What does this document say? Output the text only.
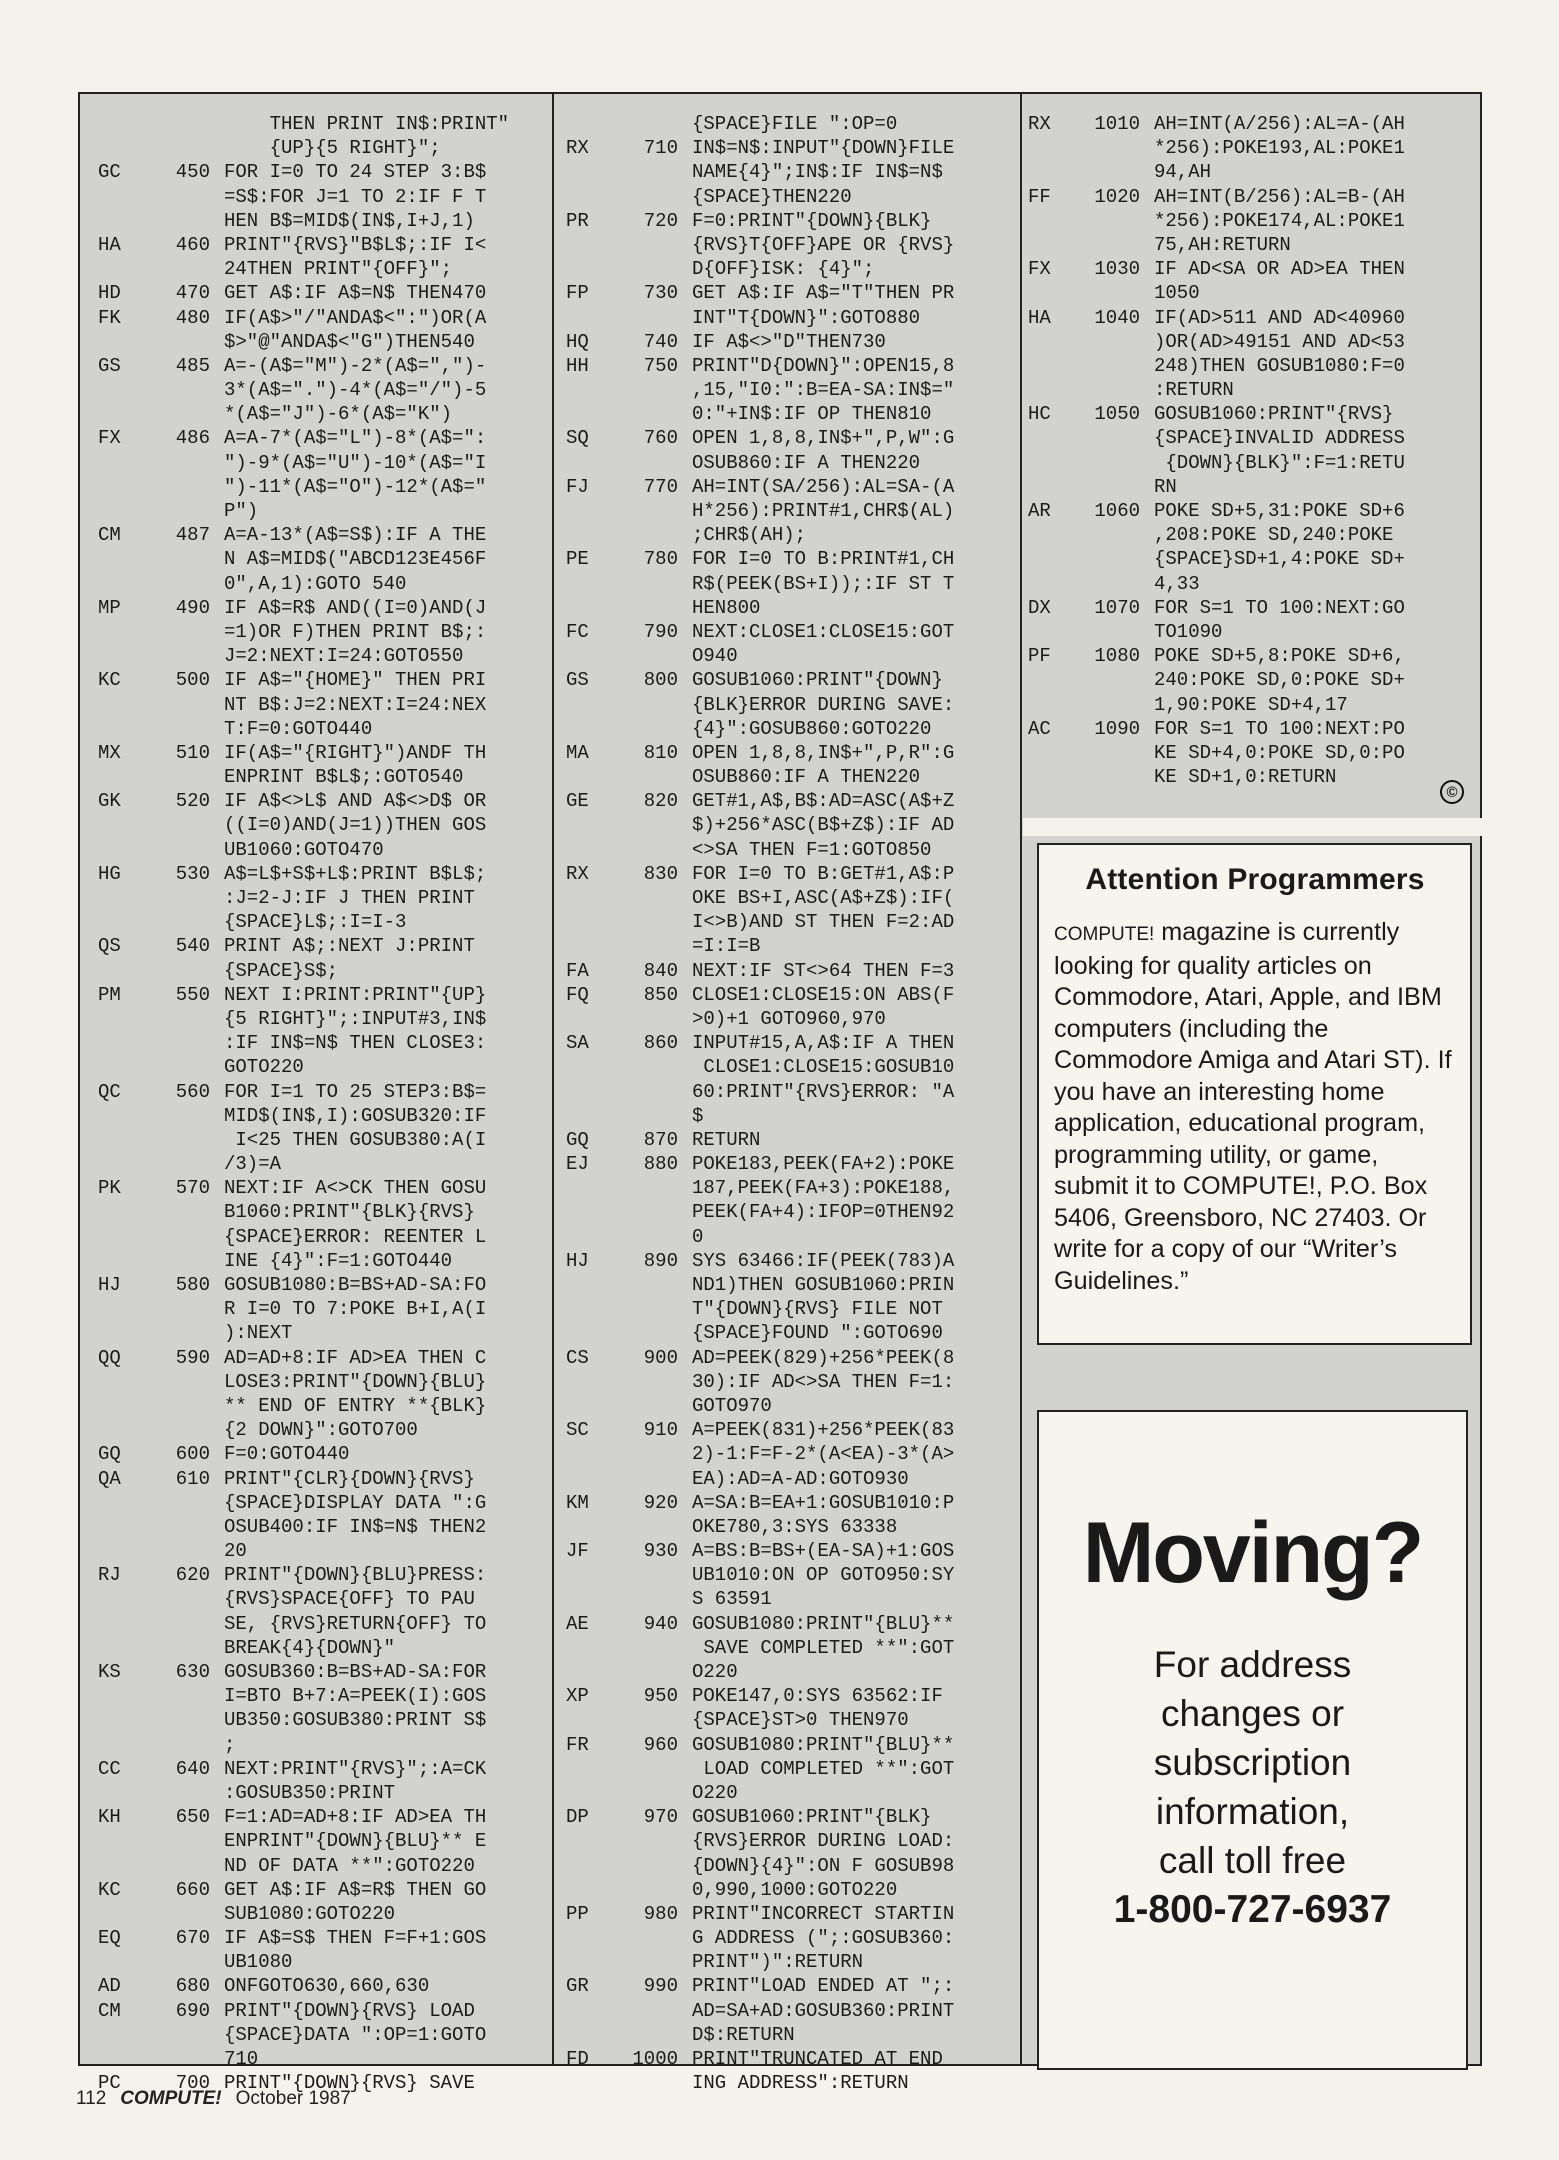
THEN PRINT IN$:PRINT"
{UP}{5 RIGHT}";
GC	450 FOR I=0 TO 24 STEP 3:B$
=S$:FOR J=1 TO 2:IF F T
HEN B$=MID$(IN$,I+J,1)
HA	460 PRINT"{RVS}"B$L$;:IF I<
24THEN PRINT"{OFF}";
HD	470 GET A$:IF A$=N$ THEN470
FK	480 IF(A$>"/"ANDA$<":")OR(A
$>"@"ANDA$<"G")THEN540
GS	485 A=-(A$="M")-2*(A$=",")-
3*(A$=".")-4*(A$="/")-5
*(A$="J")-6*(A$="K")
FX	486 A=A-7*(A$="L")-8*(A$=":
")-9*(A$="U")-10*(A$="I
")-11*(A$="O")-12*(A$="
P")
CM	487 A=A-13*(A$=S$):IF A THE
N A$=MID$("ABCD123E456F
0",A,1):GOTO 540
MP	490 IF A$=R$ AND((I=0)AND(J
=1)OR F)THEN PRINT B$;:
J=2:NEXT:I=24:GOTO550
KC	500 IF A$="{HOME}" THEN PRI
NT B$:J=2:NEXT:I=24:NEX
T:F=0:GOTO440
MX	510 IF(A$="{RIGHT}")ANDF TH
ENPRINT B$L$;:GOTO540
GK	520 IF A$<>L$ AND A$<>D$ OR
((I=0)AND(J=1))THEN GOS
UB1060:GOTO470
HG	530 A$=L$+S$+L$:PRINT B$L$;
:J=2-J:IF J THEN PRINT
{SPACE}L$;:I=I-3
QS	540 PRINT A$;:NEXT J:PRINT
{SPACE}S$;
PM	550 NEXT I:PRINT:PRINT"{UP}
{5 RIGHT}";:INPUT#3,IN$
:IF IN$=N$ THEN CLOSE3:
GOTO220
QC	560 FOR I=1 TO 25 STEP3:B$=
MID$(IN$,I):GOSUB320:IF
I<25 THEN GOSUB380:A(I
/3)=A
PK	570 NEXT:IF A<>CK THEN GOSU
B1060:PRINT"{BLK}{RVS}
{SPACE}ERROR: REENTER L
INE {4}":F=1:GOTO440
HJ	580 GOSUB1080:B=BS+AD-SA:FO
R I=0 TO 7:POKE B+I,A(I
):NEXT
QQ	590 AD=AD+8:IF AD>EA THEN C
LOSE3:PRINT"{DOWN}{BLU}
** END OF ENTRY **{BLK}
{2 DOWN}":GOTO700
GQ	600 F=0:GOTO440
QA	610 PRINT"{CLR}{DOWN}{RVS}
{SPACE}DISPLAY DATA ":G
OSUB400:IF IN$=N$ THEN2
20
RJ	620 PRINT"{DOWN}{BLU}PRESS:
{RVS}SPACE{OFF} TO PAU
SE, {RVS}RETURN{OFF} TO
BREAK{4}{DOWN}"
KS	630 GOSUB360:B=BS+AD-SA:FOR
I=BTO B+7:A=PEEK(I):GOS
UB350:GOSUB380:PRINT S$
;
CC	640 NEXT:PRINT"{RVS}";:A=CK
:GOSUB350:PRINT
KH	650 F=1:AD=AD+8:IF AD>EA TH
ENPRINT"{DOWN}{BLU}** E
ND OF DATA **":GOTO220
KC	660 GET A$:IF A$=R$ THEN GO
SUB1080:GOTO220
EQ	670 IF A$=S$ THEN F=F+1:GOS
UB1080
AD	680 ONFGOTO630,660,630
CM	690 PRINT"{DOWN}{RVS} LOAD
{SPACE}DATA ":OP=1:GOTO
710
PC	700 PRINT"{DOWN}{RVS} SAVE
{SPACE}FILE ":OP=0
RX	710 IN$=N$:INPUT"{DOWN}FILE
NAME{4}";IN$:IF IN$=N$
{SPACE}THEN220
PR	720 F=0:PRINT"{DOWN}{BLK}
{RVS}T{OFF}APE OR {RVS}
D{OFF}ISK: {4}";
FP	730 GET A$:IF A$="T"THEN PR
INT"T{DOWN}":GOTO880
HQ	740 IF A$<>"D"THEN730
HH	750 PRINT"D{DOWN}":OPEN15,8
,15,"I0:":B=EA-SA:IN$="
0:"+IN$:IF OP THEN810
SQ	760 OPEN 1,8,8,IN$+",P,W":G
OSUB860:IF A THEN220
FJ	770 AH=INT(SA/256):AL=SA-(A
H*256):PRINT#1,CHR$(AL)
;CHR$(AH);
PE	780 FOR I=0 TO B:PRINT#1,CH
R$(PEEK(BS+I));:IF ST T
HEN800
FC	790 NEXT:CLOSE1:CLOSE15:GOT
O940
GS	800 GOSUB1060:PRINT"{DOWN}
{BLK}ERROR DURING SAVE:
{4}":GOSUB860:GOTO220
MA	810 OPEN 1,8,8,IN$+",P,R":G
OSUB860:IF A THEN220
GE	820 GET#1,A$,B$:AD=ASC(A$+Z
$)+256*ASC(B$+Z$):IF AD
<>SA THEN F=1:GOTO850
RX	830 FOR I=0 TO B:GET#1,A$:P
OKE BS+I,ASC(A$+Z$):IF(
I<>B)AND ST THEN F=2:AD
=I:I=B
FA	840 NEXT:IF ST<>64 THEN F=3
FQ	850 CLOSE1:CLOSE15:ON ABS(F
>0)+1 GOTO960,970
SA	860 INPUT#15,A,A$:IF A THEN
CLOSE1:CLOSE15:GOSUB10
60:PRINT"{RVS}ERROR: "A
$
GQ	870 RETURN
EJ	880 POKE183,PEEK(FA+2):POKE
187,PEEK(FA+3):POKE188,
PEEK(FA+4):IFOP=0THEN92
0
HJ	890 SYS 63466:IF(PEEK(783)A
ND1)THEN GOSUB1060:PRIN
T"{DOWN}{RVS} FILE NOT
{SPACE}FOUND ":GOTO690
CS	900 AD=PEEK(829)+256*PEEK(8
30):IF AD<>SA THEN F=1:
GOTO970
SC	910 A=PEEK(831)+256*PEEK(83
2)-1:F=F-2*(A<EA)-3*(A>
EA):AD=A-AD:GOTO930
KM	920 A=SA:B=EA+1:GOSUB1010:P
OKE780,3:SYS 63338
JF	930 A=BS:B=BS+(EA-SA)+1:GOS
UB1010:ON OP GOTO950:SY
S 63591
AE	940 GOSUB1080:PRINT"{BLU}**
SAVE COMPLETED **":GOT
O220
XP	950 POKE147,0:SYS 63562:IF
{SPACE}ST>0 THEN970
FR	960 GOSUB1080:PRINT"{BLU}**
LOAD COMPLETED **":GOT
O220
DP	970 GOSUB1060:PRINT"{BLK}
{RVS}ERROR DURING LOAD:
{DOWN}{4}":ON F GOSUB98
0,990,1000:GOTO220
PP	980 PRINT"INCORRECT STARTIN
G ADDRESS (";:GOSUB360:
PRINT")":RETURN
GR	990 PRINT"LOAD ENDED AT ";:
AD=SA+AD:GOSUB360:PRINT
D$:RETURN
FD	1000 PRINT"TRUNCATED AT END
ING ADDRESS":RETURN
RX	1010 AH=INT(A/256):AL=A-(AH
*256):POKE193,AL:POKE1
94,AH
FF	1020 AH=INT(B/256):AL=B-(AH
*256):POKE174,AL:POKE1
75,AH:RETURN
FX	1030 IF AD<SA OR AD>EA THEN
1050
HA	1040 IF(AD>511 AND AD<40960
)OR(AD>49151 AND AD<53
248)THEN GOSUB1080:F=0
:RETURN
HC	1050 GOSUB1060:PRINT"{RVS}
{SPACE}INVALID ADDRESS
{DOWN}{BLK}":F=1:RETU
RN
AR	1060 POKE SD+5,31:POKE SD+6
,208:POKE SD,240:POKE
{SPACE}SD+1,4:POKE SD+
4,33
DX	1070 FOR S=1 TO 100:NEXT:GO
TO1090
PF	1080 POKE SD+5,8:POKE SD+6,
240:POKE SD,0:POKE SD+
1,90:POKE SD+4,17
AC	1090 FOR S=1 TO 100:NEXT:PO
KE SD+4,0:POKE SD,0:PO
KE SD+1,0:RETURN
©
Attention Programmers
COMPUTE! magazine is currently looking for quality articles on Commodore, Atari, Apple, and IBM computers (including the Commodore Amiga and Atari ST). If you have an interesting home application, educational program, programming utility, or game, submit it to COMPUTE!, P.O. Box 5406, Greensboro, NC 27403. Or write for a copy of our “Writer’s Guidelines.”
Moving?
For address
changes or
subscription
information,
call toll free
1-800-727-6937
112 COMPUTE! October 1987
